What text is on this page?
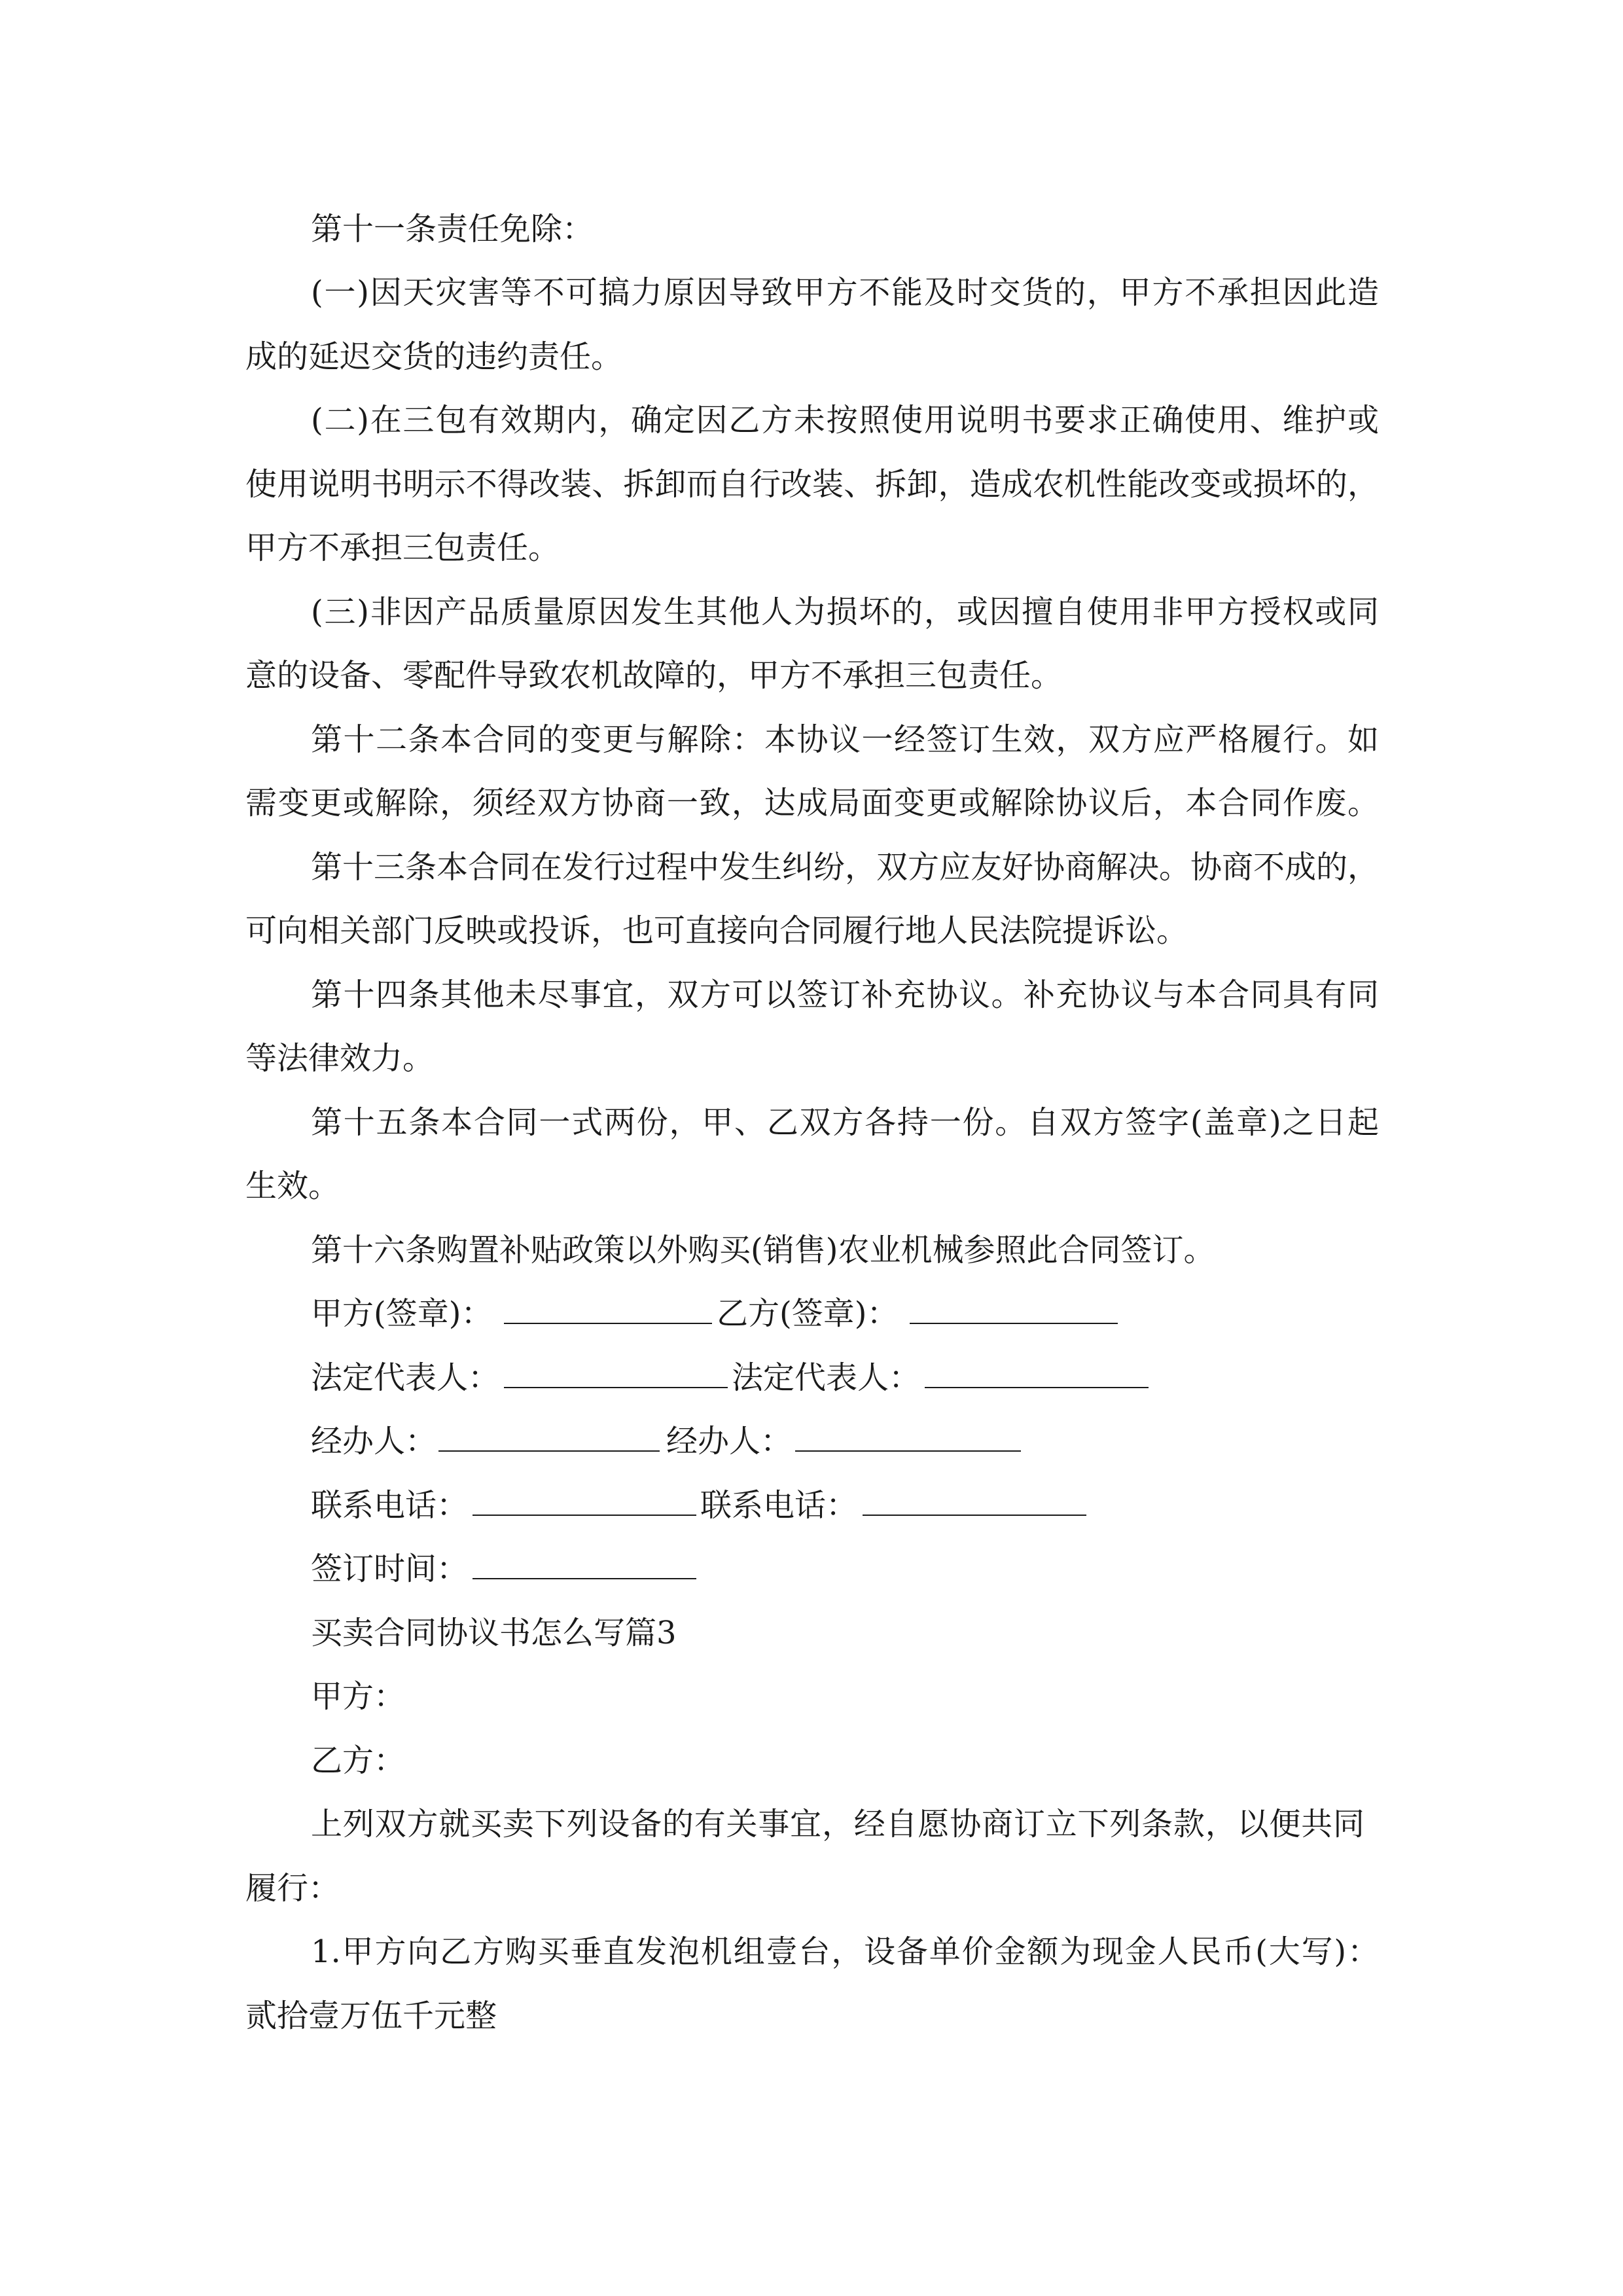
第十一条责任免除：

(一)因天灾害等不可搞力原因导致甲方不能及时交货的，甲方不承担因此造

成的延迟交货的违约责任。

(二)在三包有效期内，确定因乙方未按照使用说明书要求正确使用、维护或

使用说明书明示不得改装、拆卸而自行改装、拆卸，造成农机性能改变或损坏的，

甲方不承担三包责任。

(三)非因产品质量原因发生其他人为损坏的，或因擅自使用非甲方授权或同

意的设备、零配件导致农机故障的，甲方不承担三包责任。

第十二条本合同的变更与解除：本协议一经签订生效，双方应严格履行。如

需变更或解除，须经双方协商一致，达成局面变更或解除协议后，本合同作废。

第十三条本合同在发行过程中发生纠纷，双方应友好协商解决。协商不成的，

可向相关部门反映或投诉，也可直接向合同履行地人民法院提诉讼。

第十四条其他未尽事宜，双方可以签订补充协议。补充协议与本合同具有同

等法律效力。

第十五条本合同一式两份，甲、乙双方各持一份。自双方签字(盖章)之日起

生效。

第十六条购置补贴政策以外购买(销售)农业机械参照此合同签订。

甲方(签章)：	乙方(签章)：
法定代表人：	法定代表人：
经办人：	经办人：
联系电话：	联系电话：
签订时间：

买卖合同协议书怎么写篇3

甲方：

乙方：

上列双方就买卖下列设备的有关事宜，经自愿协商订立下列条款，以便共同

履行：

1.甲方向乙方购买垂直发泡机组壹台，设备单价金额为现金人民币(大写)：

贰拾壹万伍千元整
